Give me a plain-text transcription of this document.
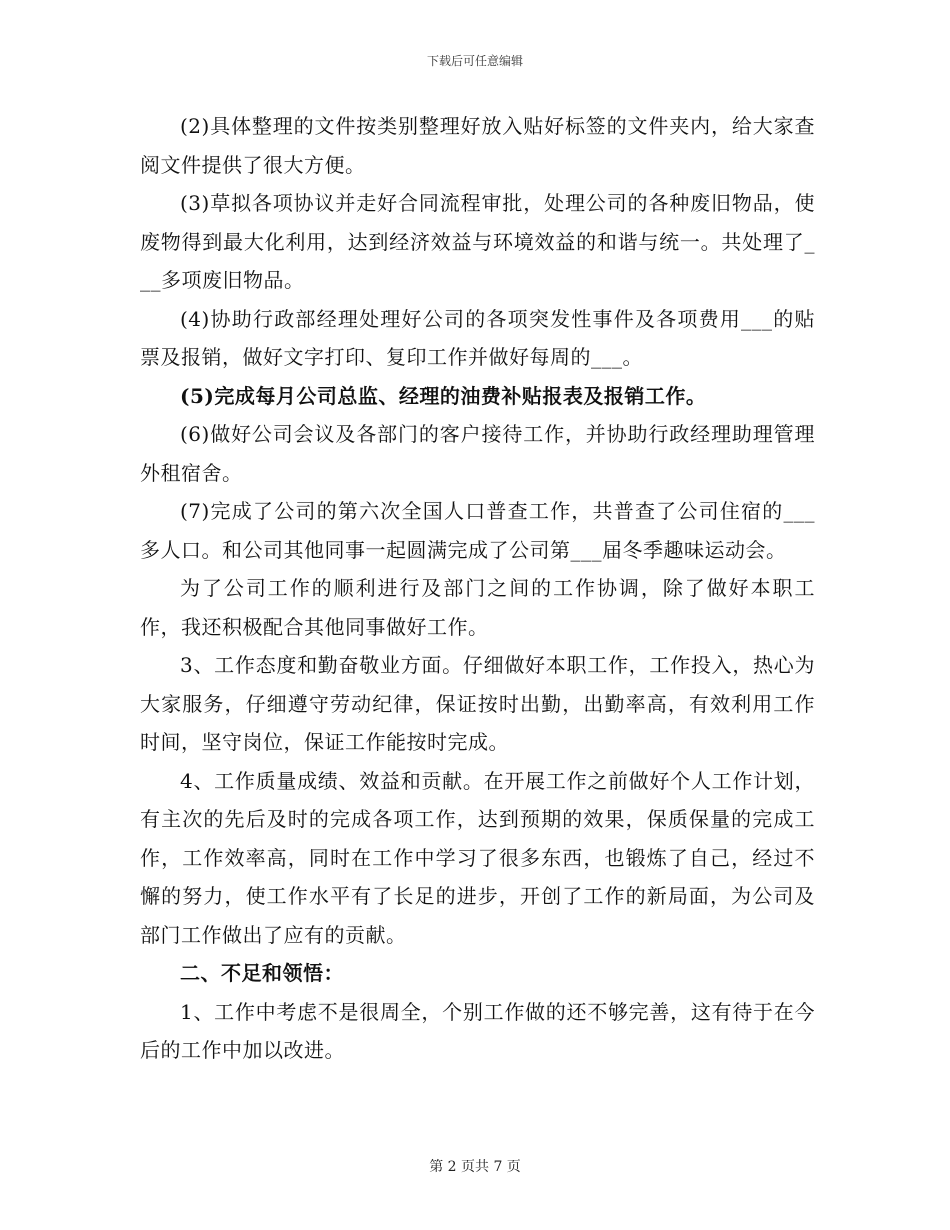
下载后可任意编辑

(2)具体整理的文件按类别整理好放入贴好标签的文件夹内，给大家查阅文件提供了很大方便。

(3)草拟各项协议并走好合同流程审批，处理公司的各种废旧物品，使废物得到最大化利用，达到经济效益与环境效益的和谐与统一。共处理了___多项废旧物品。

(4)协助行政部经理处理好公司的各项突发性事件及各项费用___的贴票及报销，做好文字打印、复印工作并做好每周的___。

(5)完成每月公司总监、经理的油费补贴报表及报销工作。

(6)做好公司会议及各部门的客户接待工作，并协助行政经理助理管理外租宿舍。

(7)完成了公司的第六次全国人口普查工作，共普查了公司住宿的___多人口。和公司其他同事一起圆满完成了公司第___届冬季趣味运动会。

为了公司工作的顺利进行及部门之间的工作协调，除了做好本职工作，我还积极配合其他同事做好工作。

3、工作态度和勤奋敬业方面。仔细做好本职工作，工作投入，热心为大家服务，仔细遵守劳动纪律，保证按时出勤，出勤率高，有效利用工作时间，坚守岗位，保证工作能按时完成。

4、工作质量成绩、效益和贡献。在开展工作之前做好个人工作计划，有主次的先后及时的完成各项工作，达到预期的效果，保质保量的完成工作，工作效率高，同时在工作中学习了很多东西，也锻炼了自己，经过不懈的努力，使工作水平有了长足的进步，开创了工作的新局面，为公司及部门工作做出了应有的贡献。

二、不足和领悟：

1、工作中考虑不是很周全，个别工作做的还不够完善，这有待于在今后的工作中加以改进。

第 2 页共 7 页
